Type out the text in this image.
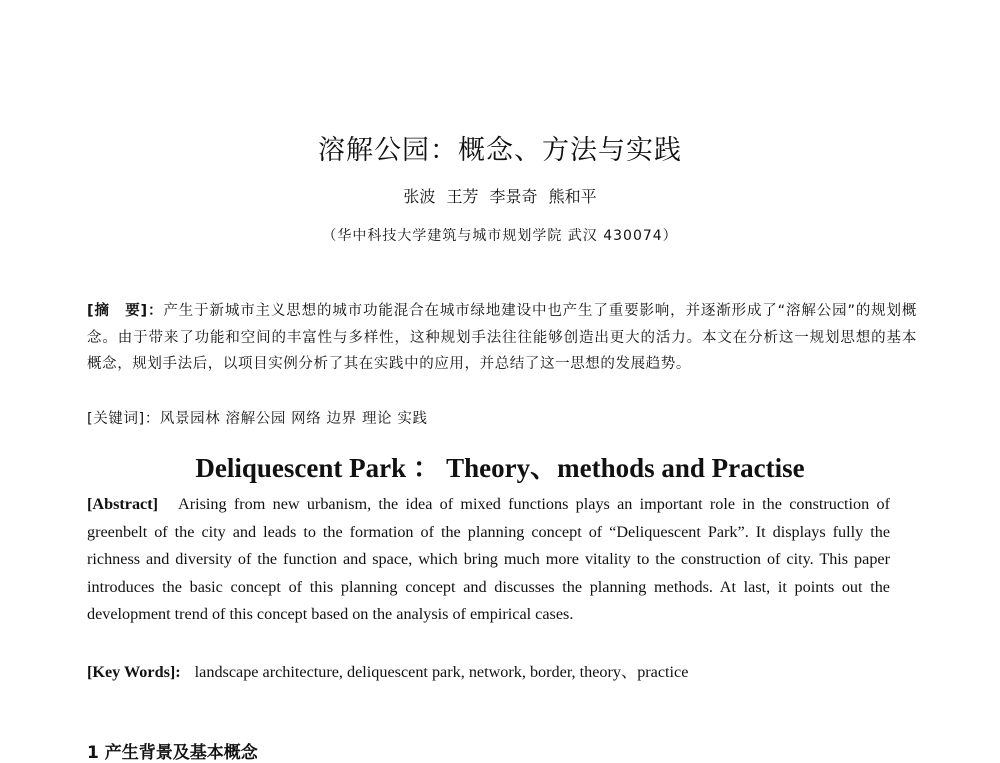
溶解公园：概念、方法与实践
张波 王芳 李景奇 熊和平
（华中科技大学建筑与城市规划学院 武汉 430074）
[摘　要]：产生于新城市主义思想的城市功能混合在城市绿地建设中也产生了重要影响，并逐渐形成了“溶解公园”的规划概念。由于带来了功能和空间的丰富性与多样性，这种规划手法往往能够创造出更大的活力。本文在分析这一规划思想的基本概念，规划手法后，以项目实例分析了其在实践中的应用，并总结了这一思想的发展趋势。
[关键词]：风景园林 溶解公园 网络 边界 理论 实践
Deliquescent Park ： Theory、methods and Practise
[Abstract] Arising from new urbanism, the idea of mixed functions plays an important role in the construction of greenbelt of the city and leads to the formation of the planning concept of “Deliquescent Park”. It displays fully the richness and diversity of the function and space, which bring much more vitality to the construction of city. This paper introduces the basic concept of this planning concept and discusses the planning methods. At last, it points out the development trend of this concept based on the analysis of empirical cases.
[Key Words]: landscape architecture, deliquescent park, network, border, theory、practice
1 产生背景及基本概念
